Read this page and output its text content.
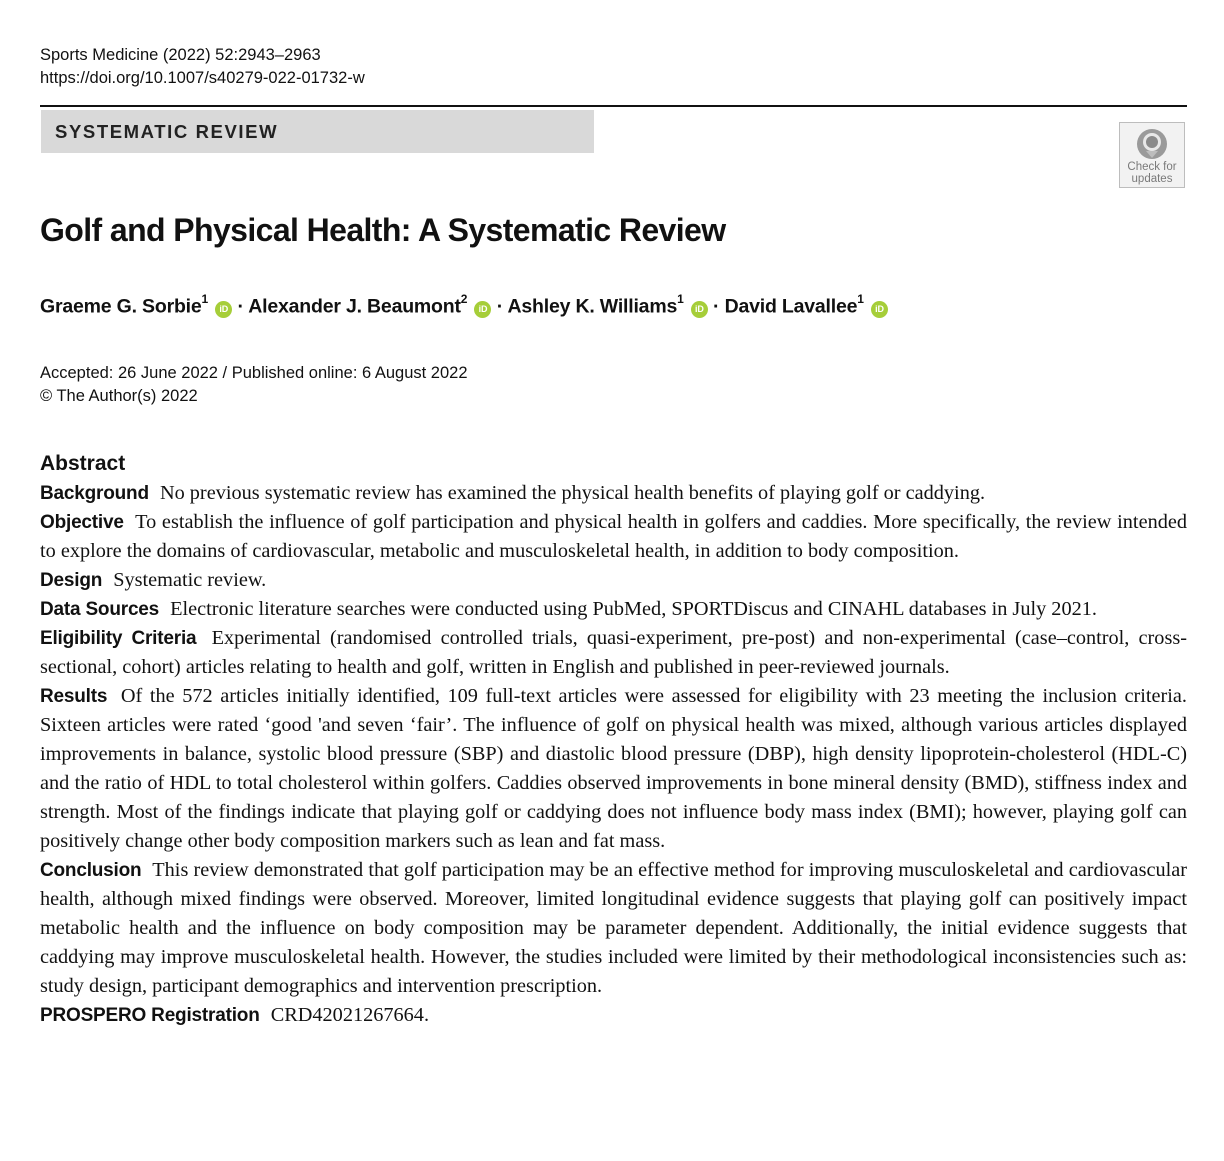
Sports Medicine (2022) 52:2943–2963
https://doi.org/10.1007/s40279-022-01732-w
SYSTEMATIC REVIEW
Check for
updates
Golf and Physical Health: A Systematic Review
Graeme G. Sorbie$^1$ iD · Alexander J. Beaumont$^2$ iD · Ashley K. Williams$^1$ iD · David Lavallee$^1$ iD
Accepted: 26 June 2022 / Published online: 6 August 2022
© The Author(s) 2022
Abstract

Background No previous systematic review has examined the physical health benefits of playing golf or caddying.

Objective To establish the influence of golf participation and physical health in golfers and caddies. More specifically, the review intended to explore the domains of cardiovascular, metabolic and musculoskeletal health, in addition to body composition.

Design Systematic review.

Data Sources Electronic literature searches were conducted using PubMed, SPORTDiscus and CINAHL databases in July 2021.

Eligibility Criteria Experimental (randomised controlled trials, quasi-experiment, pre-post) and non-experimental (case–control, cross-sectional, cohort) articles relating to health and golf, written in English and published in peer-reviewed journals.

Results Of the 572 articles initially identified, 109 full-text articles were assessed for eligibility with 23 meeting the inclusion criteria. Sixteen articles were rated ‘good 'and seven ‘fair’. The influence of golf on physical health was mixed, although various articles displayed improvements in balance, systolic blood pressure (SBP) and diastolic blood pressure (DBP), high density lipoprotein-cholesterol (HDL-C) and the ratio of HDL to total cholesterol within golfers. Caddies observed improvements in bone mineral density (BMD), stiffness index and strength. Most of the findings indicate that playing golf or caddying does not influence body mass index (BMI); however, playing golf can positively change other body composition markers such as lean and fat mass.

Conclusion This review demonstrated that golf participation may be an effective method for improving musculoskeletal and cardiovascular health, although mixed findings were observed. Moreover, limited longitudinal evidence suggests that playing golf can positively impact metabolic health and the influence on body composition may be parameter dependent. Additionally, the initial evidence suggests that caddying may improve musculoskeletal health. However, the studies included were limited by their methodological inconsistencies such as: study design, participant demographics and intervention prescription.

PROSPERO Registration CRD42021267664.
